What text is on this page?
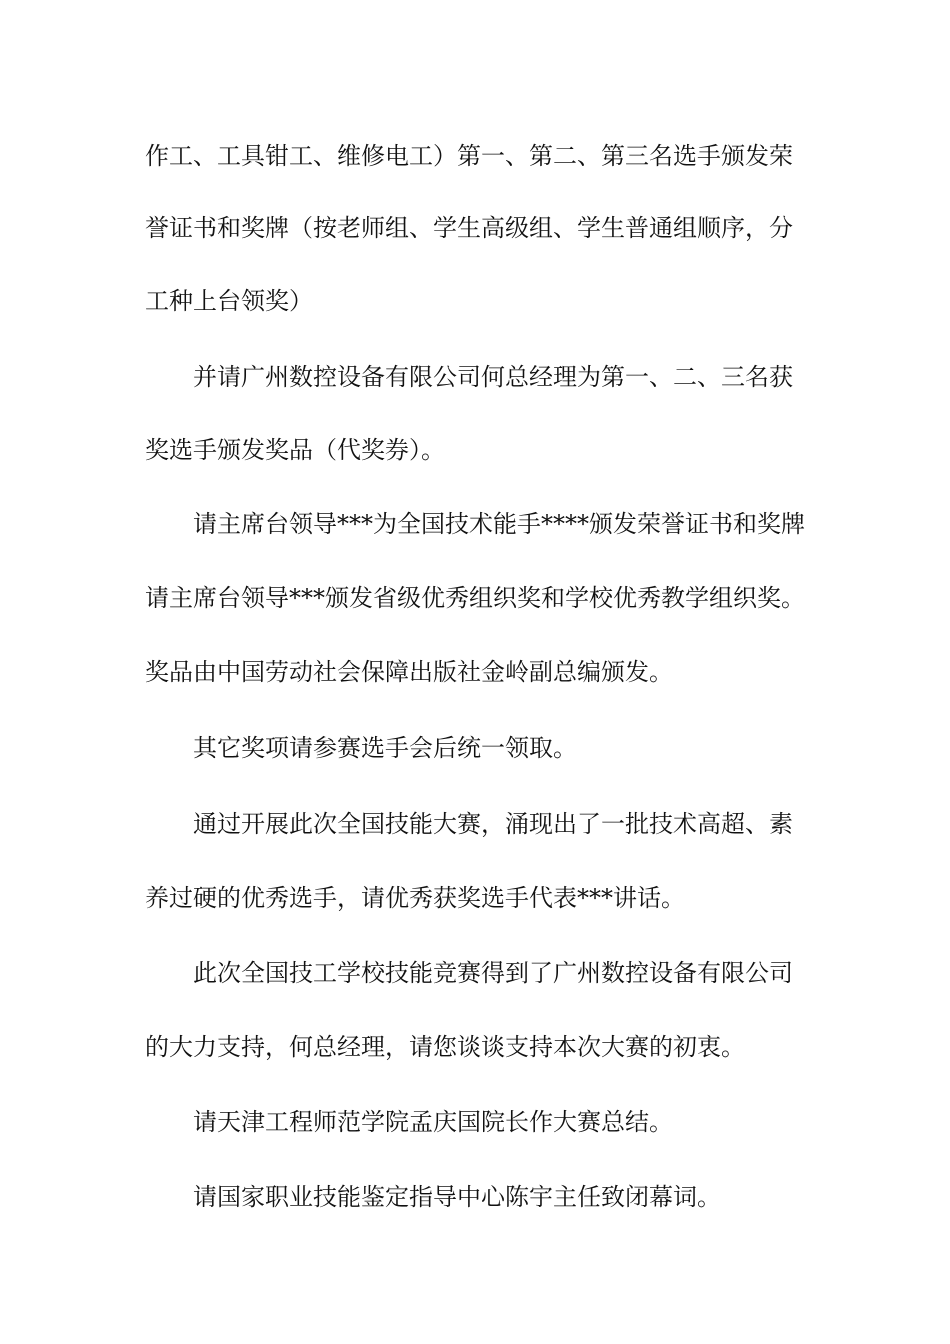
作工、工具钳工、维修电工）第一、第二、第三名选手颁发荣
誉证书和奖牌（按老师组、学生高级组、学生普通组顺序，分
工种上台领奖）
并请广州数控设备有限公司何总经理为第一、二、三名获
奖选手颁发奖品（代奖券）。
请主席台领导***为全国技术能手****颁发荣誉证书和奖牌
请主席台领导***颁发省级优秀组织奖和学校优秀教学组织奖。
奖品由中国劳动社会保障出版社金岭副总编颁发。
其它奖项请参赛选手会后统一领取。
通过开展此次全国技能大赛，涌现出了一批技术高超、素
养过硬的优秀选手，请优秀获奖选手代表***讲话。
此次全国技工学校技能竞赛得到了广州数控设备有限公司
的大力支持，何总经理，请您谈谈支持本次大赛的初衷。
请天津工程师范学院孟庆国院长作大赛总结。
请国家职业技能鉴定指导中心陈宇主任致闭幕词。
